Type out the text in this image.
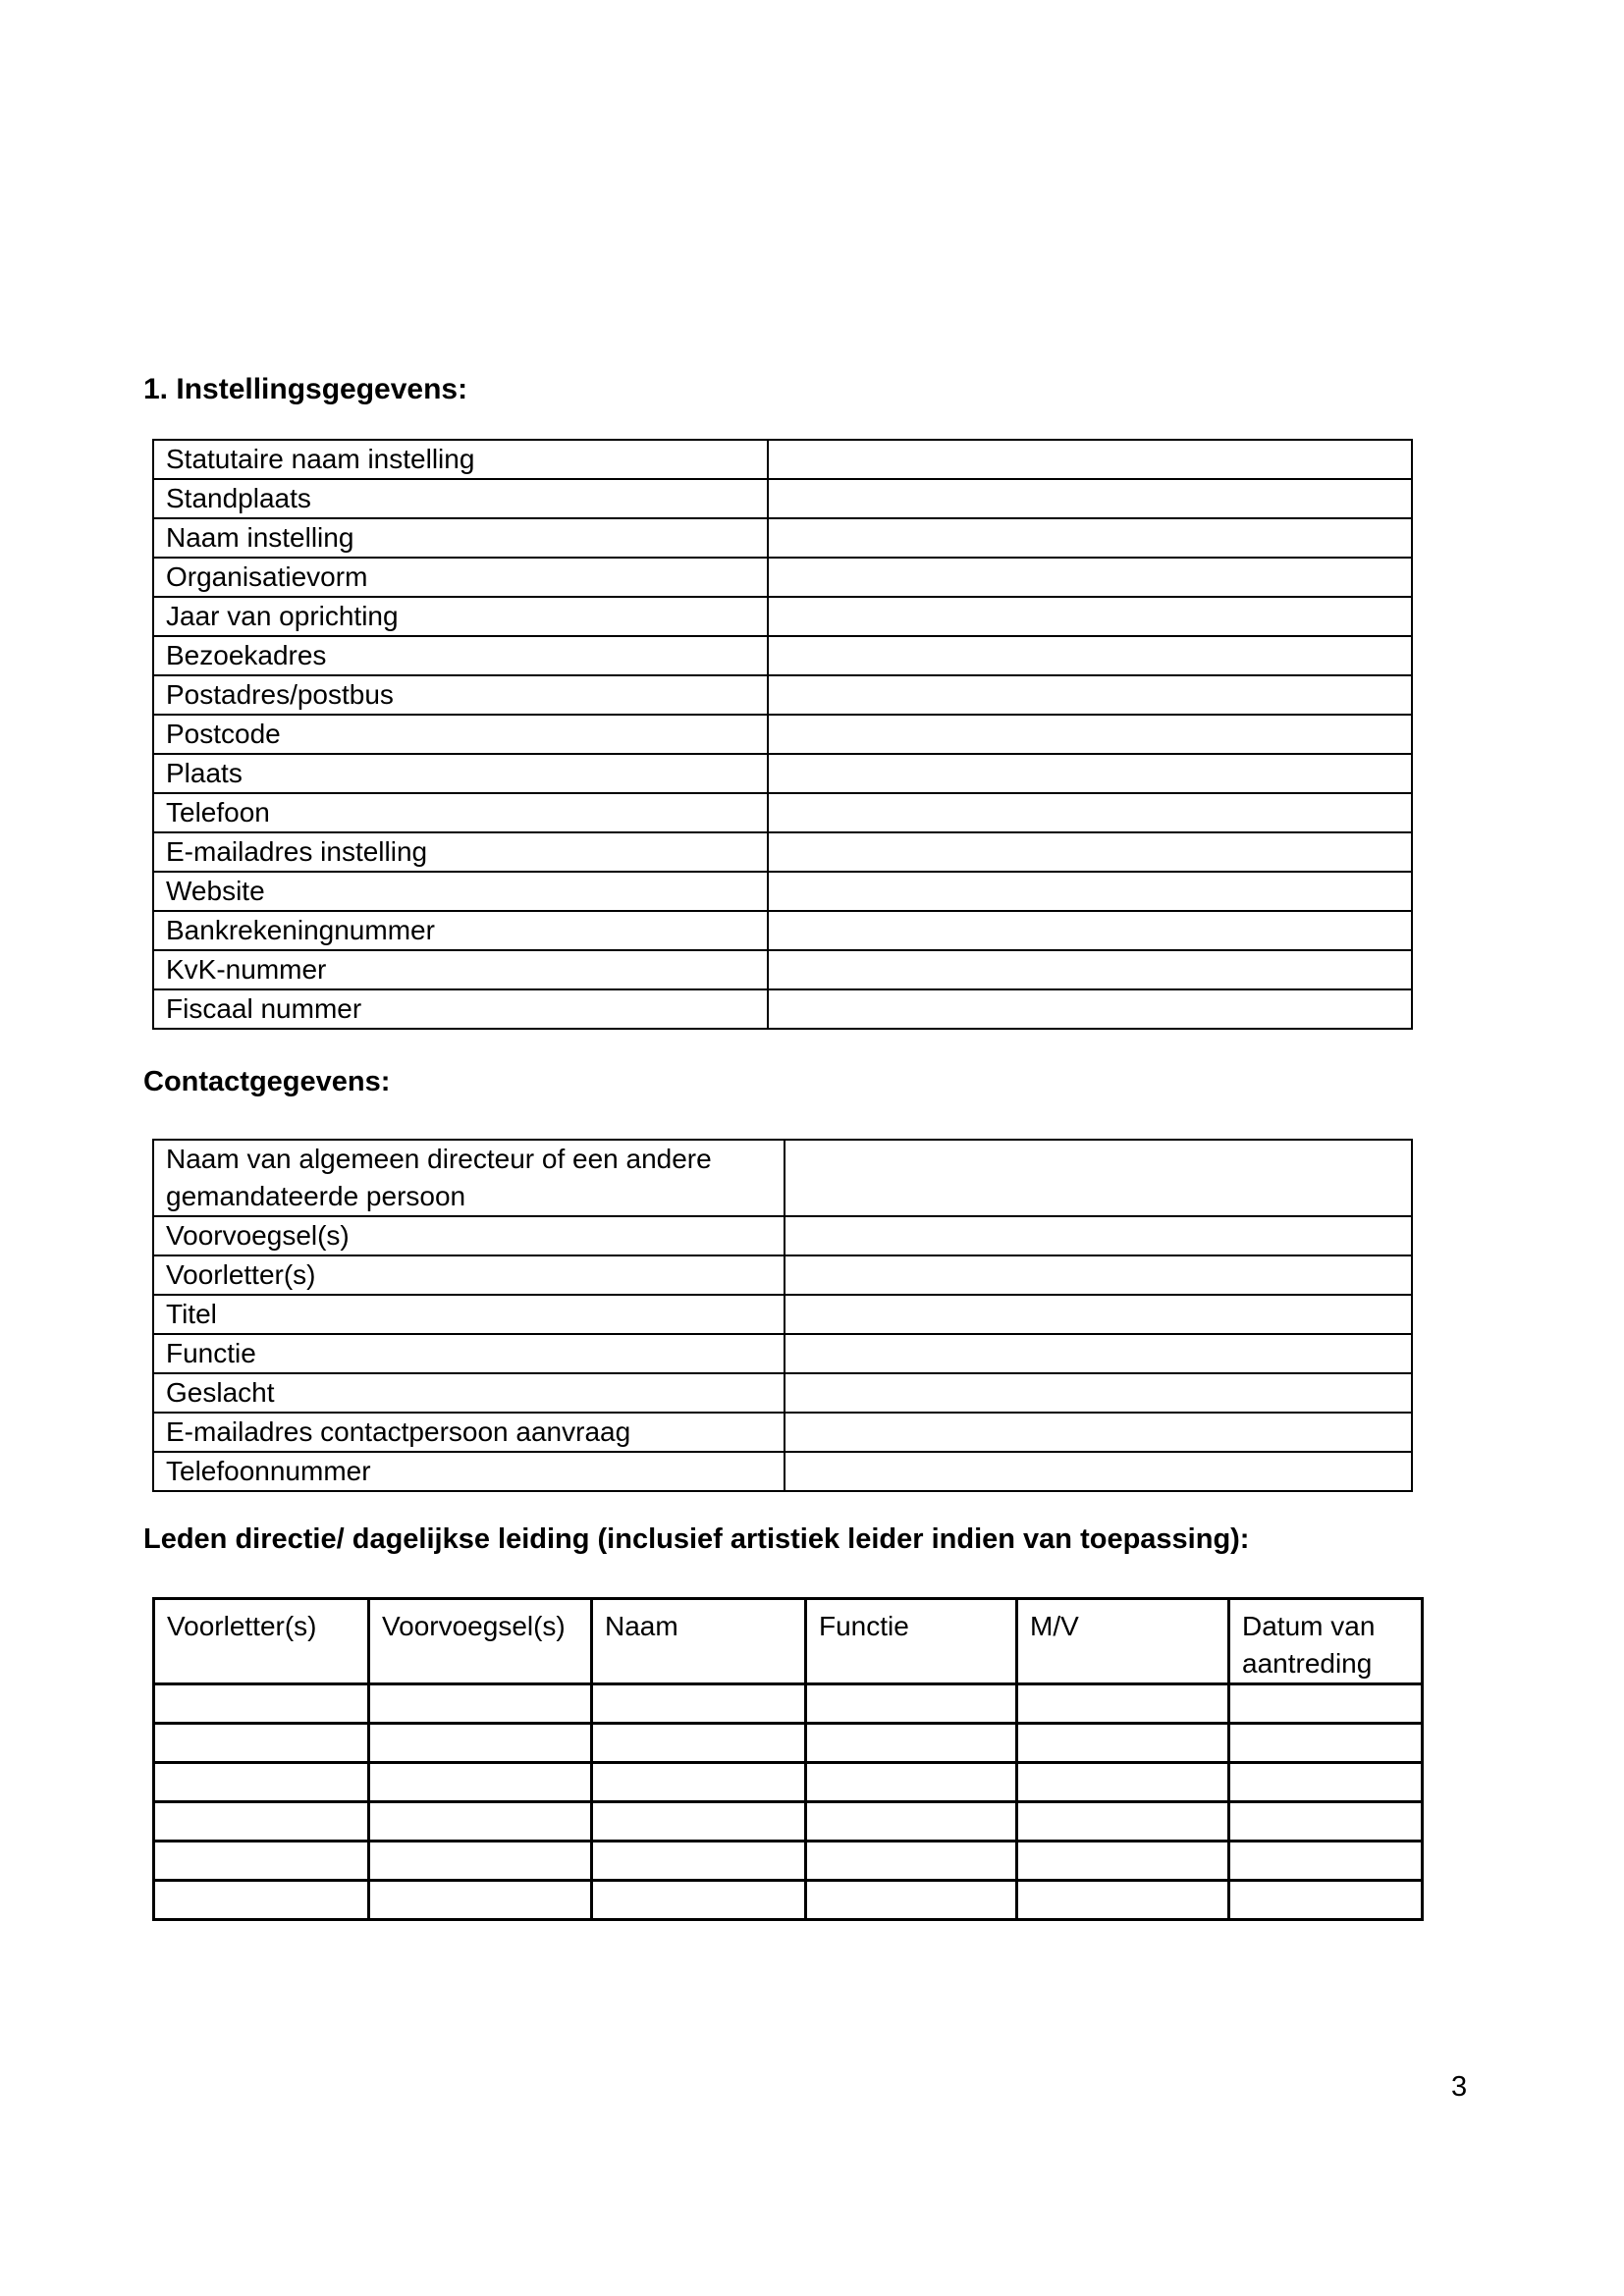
1. Instellingsgegevens:
Statutaire naam instelling	
Standplaats	
Naam instelling	
Organisatievorm	
Jaar van oprichting	
Bezoekadres	
Postadres/postbus	
Postcode	
Plaats	
Telefoon	
E-mailadres instelling	
Website	
Bankrekeningnummer	
KvK-nummer	
Fiscaal nummer	
Contactgegevens:
Naam van algemeen directeur of een andere gemandateerde persoon	
Voorvoegsel(s)	
Voorletter(s)	
Titel	
Functie	
Geslacht	
E-mailadres contactpersoon aanvraag	
Telefoonnummer	
Leden directie/ dagelijkse leiding (inclusief artistiek leider indien van toepassing):
Voorletter(s)	Voorvoegsel(s)	Naam	Functie	M/V	Datum van aantreding

3
